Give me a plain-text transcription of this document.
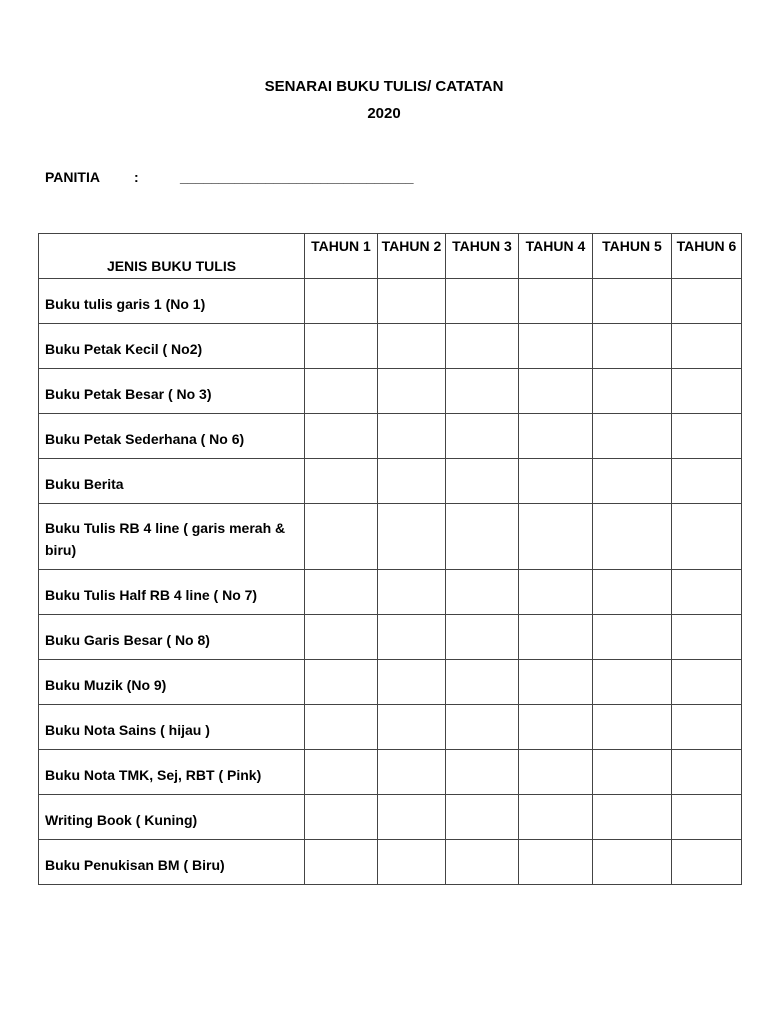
SENARAI BUKU TULIS/ CATATAN
2020
PANITIA :	______________________________
JENIS BUKU TULIS	TAHUN 1	TAHUN 2	TAHUN 3	TAHUN 4	TAHUN 5	TAHUN 6
Buku tulis garis 1 (No 1)						
Buku Petak Kecil ( No2)						
Buku Petak Besar ( No 3)						
Buku Petak Sederhana ( No 6)						
Buku Berita						
Buku Tulis RB 4 line ( garis merah & biru)						
Buku Tulis Half RB 4 line ( No 7)						
Buku Garis Besar ( No 8)						
Buku Muzik (No 9)						
Buku Nota Sains ( hijau )						
Buku Nota TMK, Sej, RBT ( Pink)						
Writing Book ( Kuning)						
Buku Penukisan BM ( Biru)						
